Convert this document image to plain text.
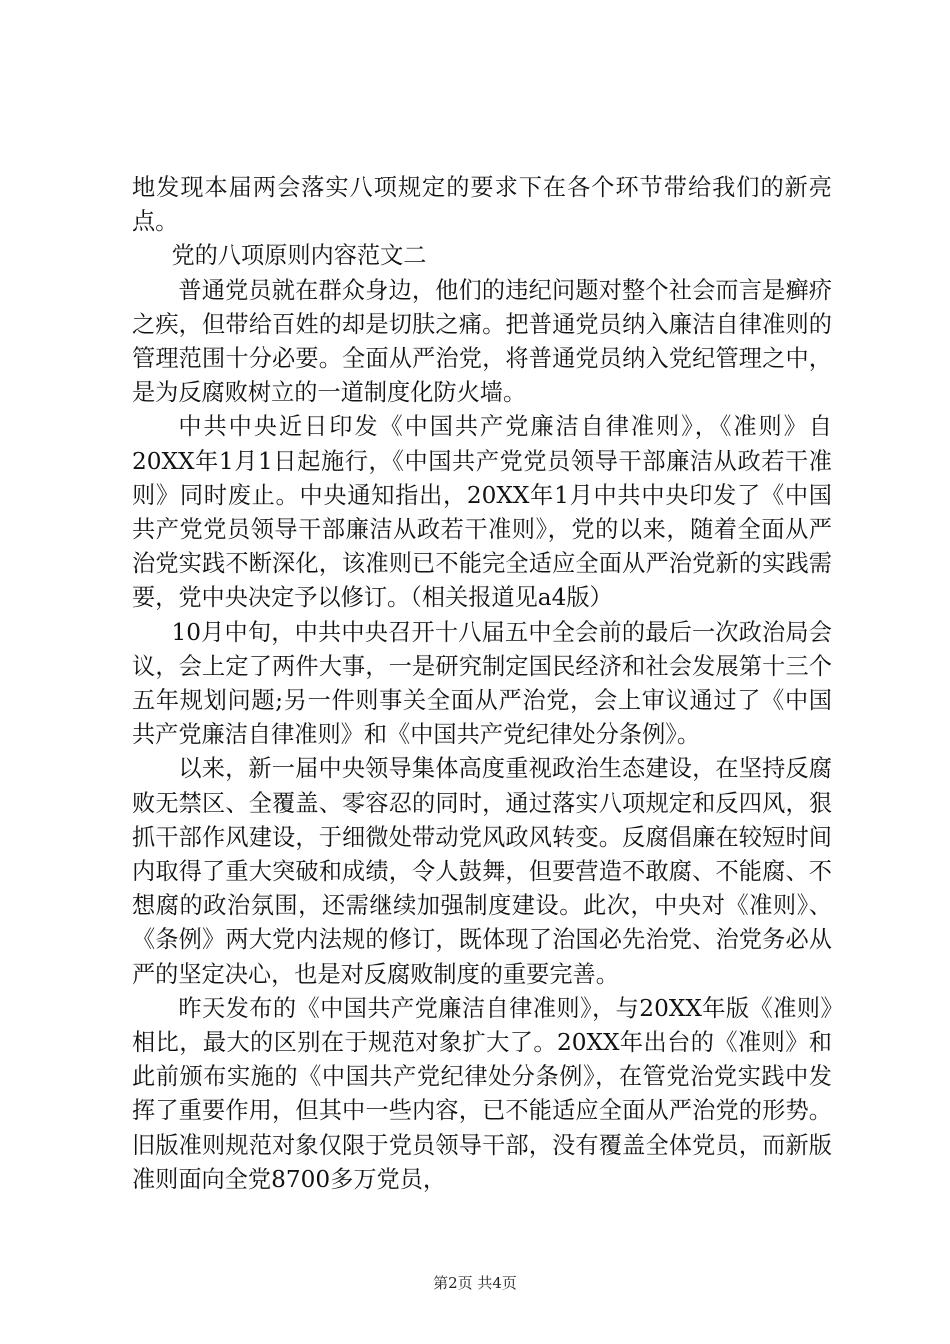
地发现本届两会落实八项规定的要求下在各个环节带给我们的新亮点。

党的八项原则内容范文二

普通党员就在群众身边，他们的违纪问题对整个社会而言是癣疥之疾，但带给百姓的却是切肤之痛。把普通党员纳入廉洁自律准则的管理范围十分必要。全面从严治党，将普通党员纳入党纪管理之中，是为反腐败树立的一道制度化防火墙。

中共中央近日印发《中国共产党廉洁自律准则》，《准则》自20XX年1月1日起施行，《中国共产党党员领导干部廉洁从政若干准则》同时废止。中央通知指出，20XX年1月中共中央印发了《中国共产党党员领导干部廉洁从政若干准则》，党的以来，随着全面从严治党实践不断深化，该准则已不能完全适应全面从严治党新的实践需要，党中央决定予以修订。（相关报道见a4版）

10月中旬，中共中央召开十八届五中全会前的最后一次政治局会议，会上定了两件大事，一是研究制定国民经济和社会发展第十三个五年规划问题;另一件则事关全面从严治党，会上审议通过了《中国共产党廉洁自律准则》和《中国共产党纪律处分条例》。

以来，新一届中央领导集体高度重视政治生态建设，在坚持反腐败无禁区、全覆盖、零容忍的同时，通过落实八项规定和反四风，狠抓干部作风建设，于细微处带动党风政风转变。反腐倡廉在较短时间内取得了重大突破和成绩，令人鼓舞，但要营造不敢腐、不能腐、不想腐的政治氛围，还需继续加强制度建设。此次，中央对《准则》、《条例》两大党内法规的修订，既体现了治国必先治党、治党务必从严的坚定决心，也是对反腐败制度的重要完善。

昨天发布的《中国共产党廉洁自律准则》，与20XX年版《准则》相比，最大的区别在于规范对象扩大了。20XX年出台的《准则》和此前颁布实施的《中国共产党纪律处分条例》，在管党治党实践中发挥了重要作用，但其中一些内容，已不能适应全面从严治党的形势。旧版准则规范对象仅限于党员领导干部，没有覆盖全体党员，而新版准则面向全党8700多万党员，

第2页 共4页
